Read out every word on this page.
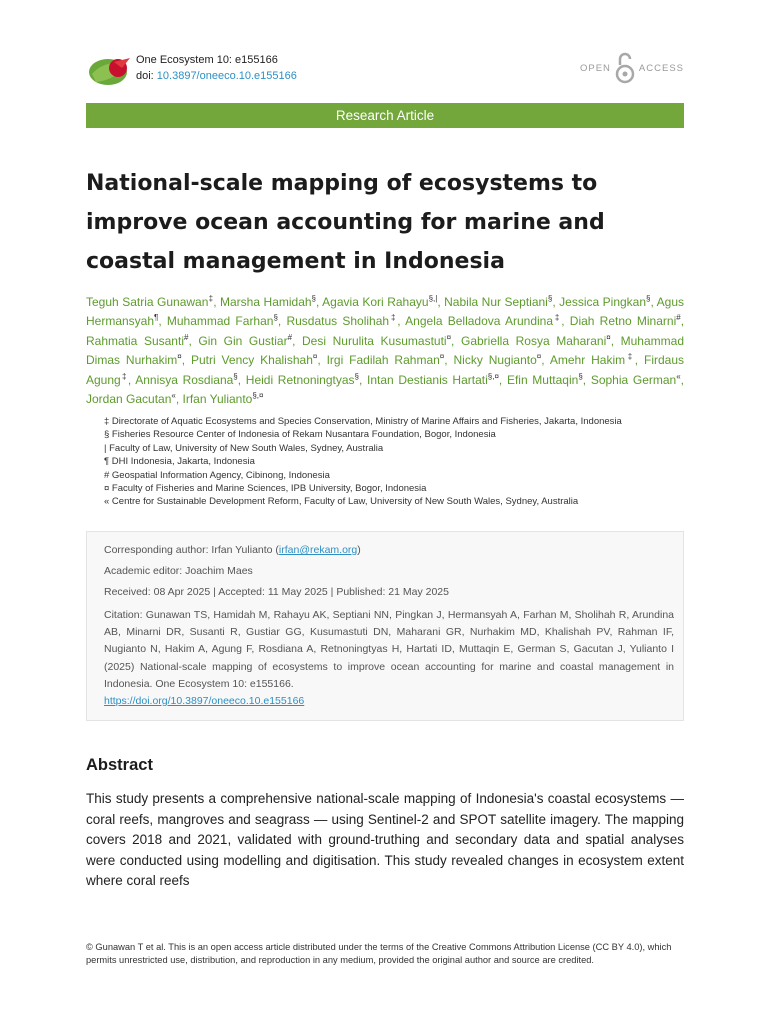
One Ecosystem 10: e155166
doi: 10.3897/oneeco.10.e155166
OPEN	ACCESS
Research Article
National-scale mapping of ecosystems to improve ocean accounting for marine and coastal management in Indonesia
Teguh Satria Gunawan‡, Marsha Hamidah§, Agavia Kori Rahayu§,|, Nabila Nur Septiani§, Jessica Pingkan§, Agus Hermansyah¶, Muhammad Farhan§, Rusdatus Sholihah‡, Angela Belladova Arundina‡, Diah Retno Minarni#, Rahmatia Susanti#, Gin Gin Gustiar#, Desi Nurulita Kusumastuti¤, Gabriella Rosya Maharani¤, Muhammad Dimas Nurhakim¤, Putri Vency Khalishah¤, Irgi Fadilah Rahman¤, Nicky Nugianto¤, Amehr Hakim‡, Firdaus Agung‡, Annisya Rosdiana§, Heidi Retnoningtyas§, Intan Destianis Hartati§,¤, Efin Muttaqin§, Sophia German«, Jordan Gacutan«, Irfan Yulianto§,¤
‡ Directorate of Aquatic Ecosystems and Species Conservation, Ministry of Marine Affairs and Fisheries, Jakarta, Indonesia
§ Fisheries Resource Center of Indonesia of Rekam Nusantara Foundation, Bogor, Indonesia
| Faculty of Law, University of New South Wales, Sydney, Australia
¶ DHI Indonesia, Jakarta, Indonesia
# Geospatial Information Agency, Cibinong, Indonesia
¤ Faculty of Fisheries and Marine Sciences, IPB University, Bogor, Indonesia
« Centre for Sustainable Development Reform, Faculty of Law, University of New South Wales, Sydney, Australia

Corresponding author: Irfan Yulianto (irfan@rekam.org)

Academic editor: Joachim Maes

Received: 08 Apr 2025 | Accepted: 11 May 2025 | Published: 21 May 2025

Citation: Gunawan TS, Hamidah M, Rahayu AK, Septiani NN, Pingkan J, Hermansyah A, Farhan M, Sholihah R, Arundina AB, Minarni DR, Susanti R, Gustiar GG, Kusumastuti DN, Maharani GR, Nurhakim MD, Khalishah PV, Rahman IF, Nugianto N, Hakim A, Agung F, Rosdiana A, Retnoningtyas H, Hartati ID, Muttaqin E, German S, Gacutan J, Yulianto I (2025) National-scale mapping of ecosystems to improve ocean accounting for marine and coastal management in Indonesia. One Ecosystem 10: e155166.
https://doi.org/10.3897/oneeco.10.e155166

Abstract

This study presents a comprehensive national-scale mapping of Indonesia's coastal ecosystems — coral reefs, mangroves and seagrass — using Sentinel-2 and SPOT satellite imagery. The mapping covers 2018 and 2021, validated with ground-truthing and secondary data and spatial analyses were conducted using modelling and digitisation. This study revealed changes in ecosystem extent where coral reefs

© Gunawan T et al. This is an open access article distributed under the terms of the Creative Commons Attribution License (CC BY 4.0), which permits unrestricted use, distribution, and reproduction in any medium, provided the original author and source are credited.
